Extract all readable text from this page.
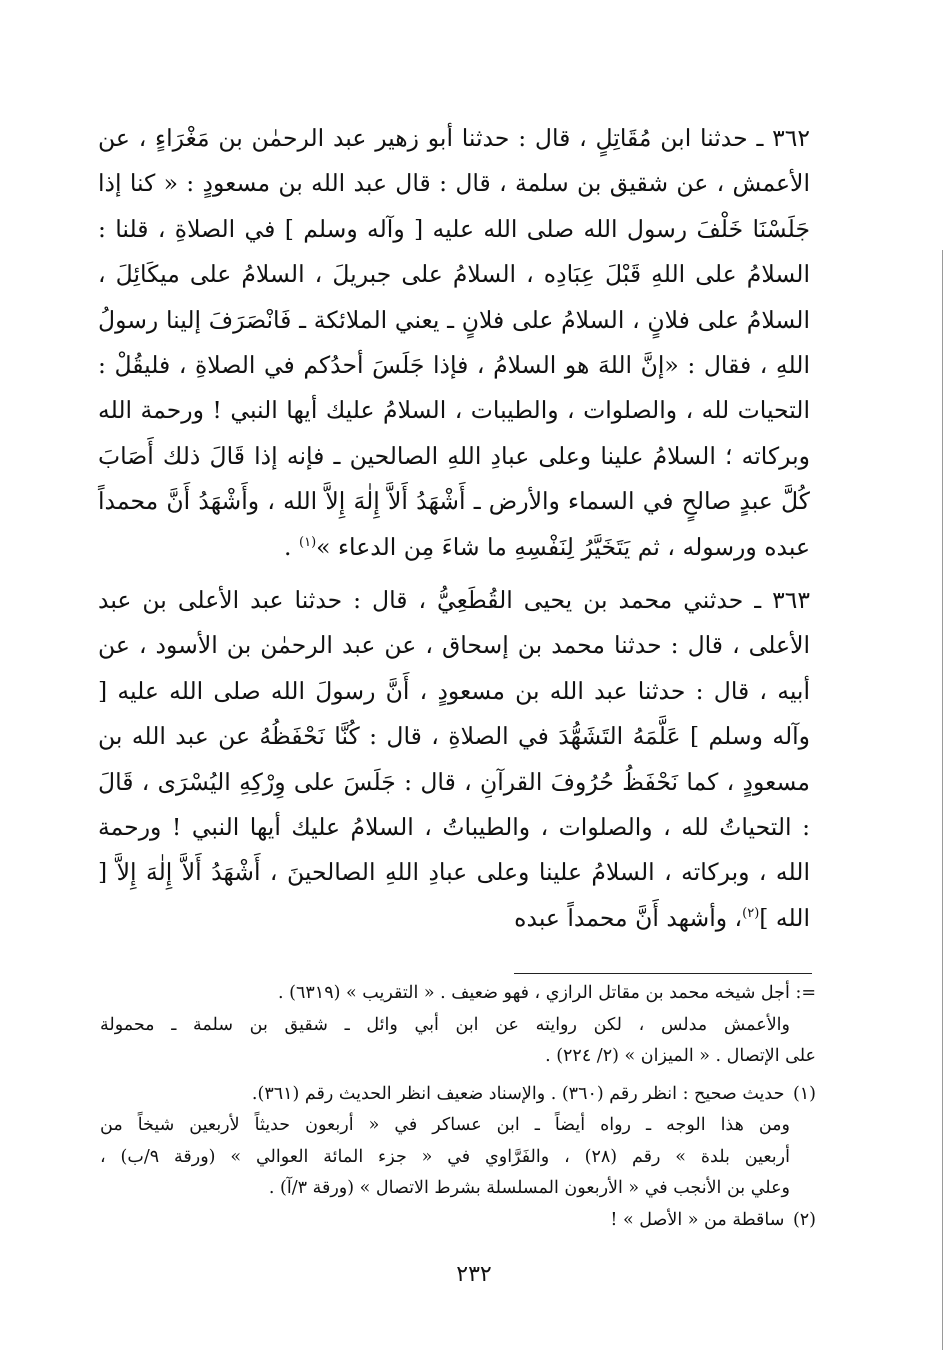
٣٦٢ ـ حدثنا ابن مُقَاتِلٍ ، قال : حدثنا أبو زهير عبد الرحمٰن بن مَغْرَاءٍ ، عن الأعمش ، عن شقيق بن سلمة ، قال : قال عبد الله بن مسعودٍ : « كنا إذا جَلَسْنَا خَلْفَ رسول الله صلى الله عليه [ وآله وسلم ] في الصلاةِ ، قلنا : السلامُ على اللهِ قَبْلَ عِبَادِه ، السلامُ على جبريلَ ، السلامُ على ميكَائِلَ ، السلامُ على فلانٍ ، السلامُ على فلانٍ ـ يعني الملائكة ـ فَانْصَرَفَ إلينا رسولُ اللهِ ، فقال : «إنَّ اللهَ هو السلامُ ، فإذا جَلَسَ أحدُكم في الصلاةِ ، فليقُلْ : التحيات لله ، والصلوات ، والطيبات ، السلامُ عليك أيها النبي ! ورحمة الله وبركاته ؛ السلامُ علينا وعلى عبادِ اللهِ الصالحين ـ فإنه إذا قَالَ ذلك أَصَابَ كُلَّ عبدٍ صالحٍ في السماء والأرض ـ أَشْهَدُ أَلاَّ إِلٰهَ إِلاَّ الله ، وأَشْهَدُ أَنَّ محمداً عبده ورسوله ، ثم يَتَخَيَّرُ لِنَفْسِهِ ما شاءَ مِن الدعاء »$^{(١)}$ .

٣٦٣ ـ حدثني محمد بن يحيى القُطَعِيُّ ، قال : حدثنا عبد الأعلى بن عبد الأعلى ، قال : حدثنا محمد بن إسحاق ، عن عبد الرحمٰن بن الأسود ، عن أبيه ، قال : حدثنا عبد الله بن مسعودٍ ، أَنَّ رسولَ الله صلى الله عليه [ وآله وسلم ] عَلَّمَهُ التَشَهُّدَ في الصلاةِ ، قال : كُنَّا نَحْفَظُهُ عن عبد الله بن مسعودٍ ، كما نَحْفَظُ حُرُوفَ القرآنِ ، قال : جَلَسَ على وِرْكِهِ اليُسْرَى ، قَالَ : التحياتُ لله ، والصلوات ، والطيباتُ ، السلامُ عليك أيها النبي ! ورحمة الله ، وبركاته ، السلامُ علينا وعلى عبادِ اللهِ الصالحينَ ، أَشْهَدُ أَلاَّ إِلٰهَ إِلاَّ [ الله ]$^{(٢)}$، وأشهد أَنَّ محمداً عبده

=: أجل شيخه محمد بن مقاتل الرازي ، فهو ضعيف . « التقريب » (٦٣١٩) .
والأعمش مدلس ، لكن روايته عن ابن أبي وائل ـ شقيق بن سلمة ـ محمولة
على الإتصال . « الميزان » (٢/ ٢٢٤) .
(١) حديث صحيح : انظر رقم (٣٦٠) . والإسناد ضعيف انظر الحديث رقم (٣٦١).
ومن هذا الوجه ـ رواه أيضاً ـ ابن عساكر في « أربعون حديثاً لأربعين شيخاً من
أربعين بلدة » رقم (٢٨) ، والفَرَّاوي في « جزء المائة العوالي » (ورقة ٩/ب) ،
وعلي بن الأنجب في « الأربعون المسلسلة بشرط الاتصال » (ورقة ٣/آ) .
(٢) ساقطة من « الأصل » !
٢٣٢
